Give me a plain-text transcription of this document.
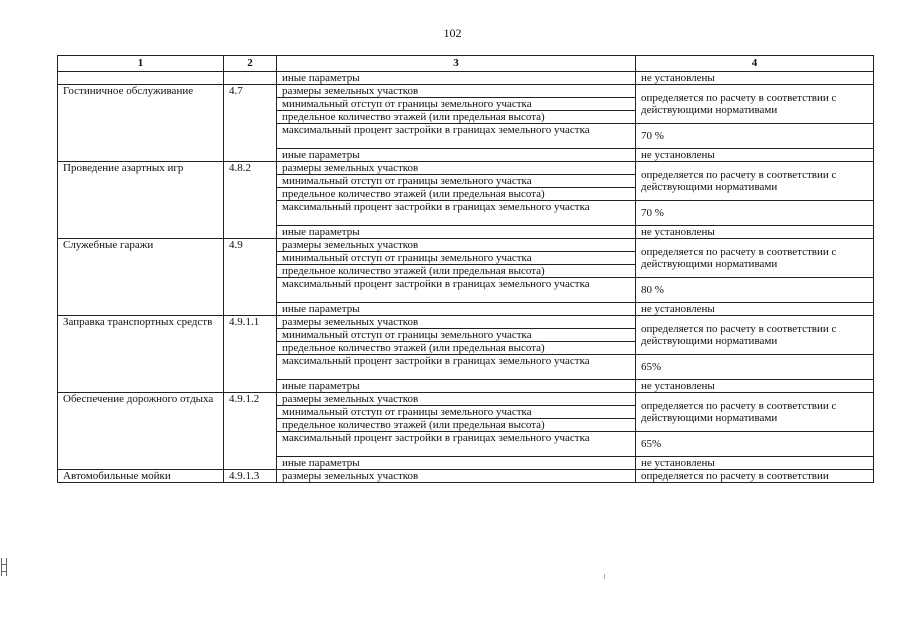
102
1	2	3	4
		иные параметры	не установлены
Гостиничное обслуживание	4.7	размеры земельных участков	определяется по расчету в соответствии с действующими нормативами
		минимальный отступ от границы земельного участка	
		предельное количество этажей (или предельная высота)	
		максимальный процент застройки в границах земельного участка	70 %
		иные параметры	не установлены
Проведение азартных игр	4.8.2	размеры земельных участков	определяется по расчету в соответствии с действующими нормативами
		минимальный отступ от границы земельного участка	
		предельное количество этажей (или предельная высота)	
		максимальный процент застройки в границах земельного участка	70 %
		иные параметры	не установлены
Служебные гаражи	4.9	размеры земельных участков	определяется по расчету в соответствии с действующими нормативами
		минимальный отступ от границы земельного участка	
		предельное количество этажей (или предельная высота)	
		максимальный процент застройки в границах земельного участка	80 %
		иные параметры	не установлены
Заправка транспортных средств	4.9.1.1	размеры земельных участков	определяется по расчету в соответствии с действующими нормативами
		минимальный отступ от границы земельного участка	
		предельное количество этажей (или предельная высота)	
		максимальный процент застройки в границах земельного участка	65%
		иные параметры	не установлены
Обеспечение дорожного отдыха	4.9.1.2	размеры земельных участков	определяется по расчету в соответствии с действующими нормативами
		минимальный отступ от границы земельного участка	
		предельное количество этажей (или предельная высота)	
		максимальный процент застройки в границах земельного участка	65%
		иные параметры	не установлены
Автомобильные мойки	4.9.1.3	размеры земельных участков	определяется по расчету в соответствии
